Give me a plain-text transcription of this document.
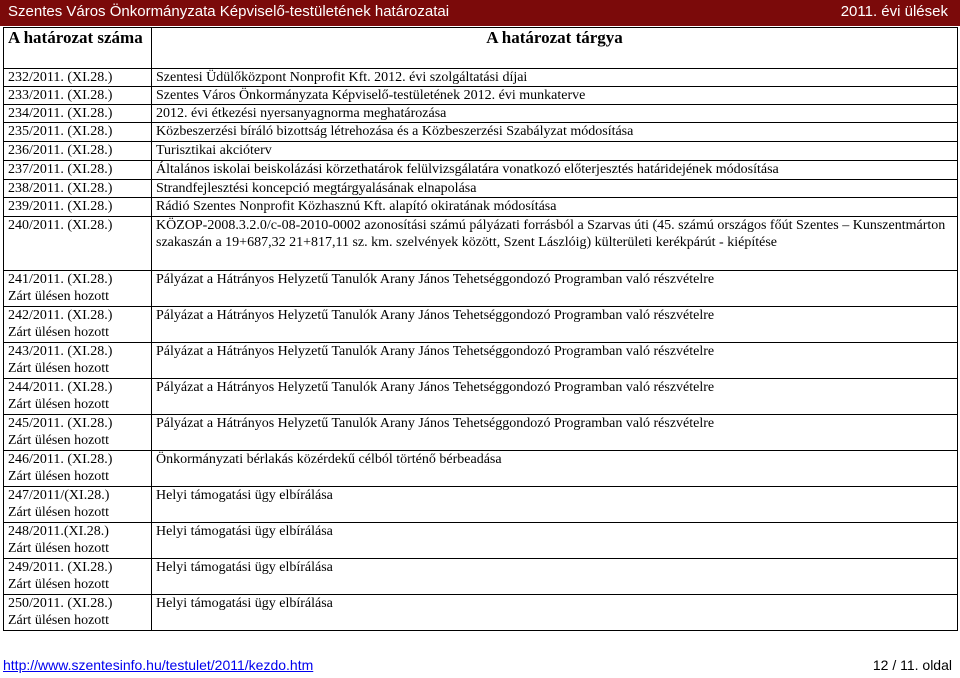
Szentes Város Önkormányzata Képviselő-testületének határozatai	2011. évi ülések
A határozat száma	A határozat tárgya
232/2011. (XI.28.)	Szentesi Üdülőközpont Nonprofit Kft. 2012. évi szolgáltatási díjai
233/2011. (XI.28.)	Szentes Város Önkormányzata Képviselő-testületének 2012. évi munkaterve
234/2011. (XI.28.)	2012. évi étkezési nyersanyagnorma meghatározása
235/2011. (XI.28.)	Közbeszerzési bíráló bizottság létrehozása és a Közbeszerzési Szabályzat módosítása
236/2011. (XI.28.)	Turisztikai akcióterv
237/2011. (XI.28.)	Általános iskolai beiskolázási körzethatárok felülvizsgálatára vonatkozó előterjesztés határidejének módosítása
238/2011. (XI.28.)	Strandfejlesztési koncepció megtárgyalásának elnapolása
239/2011. (XI.28.)	Rádió Szentes Nonprofit Közhasznú Kft. alapító okiratának módosítása
240/2011. (XI.28.)	KÖZOP-2008.3.2.0/c-08-2010-0002 azonosítási számú pályázati forrásból a Szarvas úti (45. számú országos főút Szentes – Kunszentmárton szakaszán a 19+687,32 21+817,11 sz. km. szelvények között, Szent Lászlóig) külterületi kerékpárút - kiépítése
241/2011. (XI.28.)
Zárt ülésen hozott	Pályázat a Hátrányos Helyzetű Tanulók Arany János Tehetséggondozó Programban való részvételre
242/2011. (XI.28.)
Zárt ülésen hozott	Pályázat a Hátrányos Helyzetű Tanulók Arany János Tehetséggondozó Programban való részvételre
243/2011. (XI.28.)
Zárt ülésen hozott	Pályázat a Hátrányos Helyzetű Tanulók Arany János Tehetséggondozó Programban való részvételre
244/2011. (XI.28.)
Zárt ülésen hozott	Pályázat a Hátrányos Helyzetű Tanulók Arany János Tehetséggondozó Programban való részvételre
245/2011. (XI.28.)
Zárt ülésen hozott	Pályázat a Hátrányos Helyzetű Tanulók Arany János Tehetséggondozó Programban való részvételre
246/2011. (XI.28.)
Zárt ülésen hozott	Önkormányzati bérlakás közérdekű célból történő bérbeadása
247/2011/(XI.28.)
Zárt ülésen hozott	Helyi támogatási ügy elbírálása
248/2011.(XI.28.)
Zárt ülésen hozott	Helyi támogatási ügy elbírálása
249/2011. (XI.28.)
Zárt ülésen hozott	Helyi támogatási ügy elbírálása
250/2011. (XI.28.)
Zárt ülésen hozott	Helyi támogatási ügy elbírálása
http://www.szentesinfo.hu/testulet/2011/kezdo.htm	12 / 11. oldal
